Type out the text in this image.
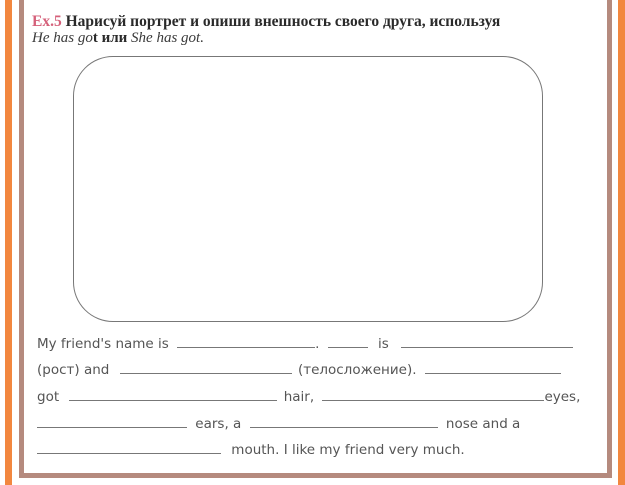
Ex.5 Нарисуй портрет и опиши внешность своего друга, используя
He has got или She has got.
My friend's name is	.	is
(рост) and	(телосложение).
got	hair,	eyes,
ears, a	nose and a
mouth. I like my friend very much.
